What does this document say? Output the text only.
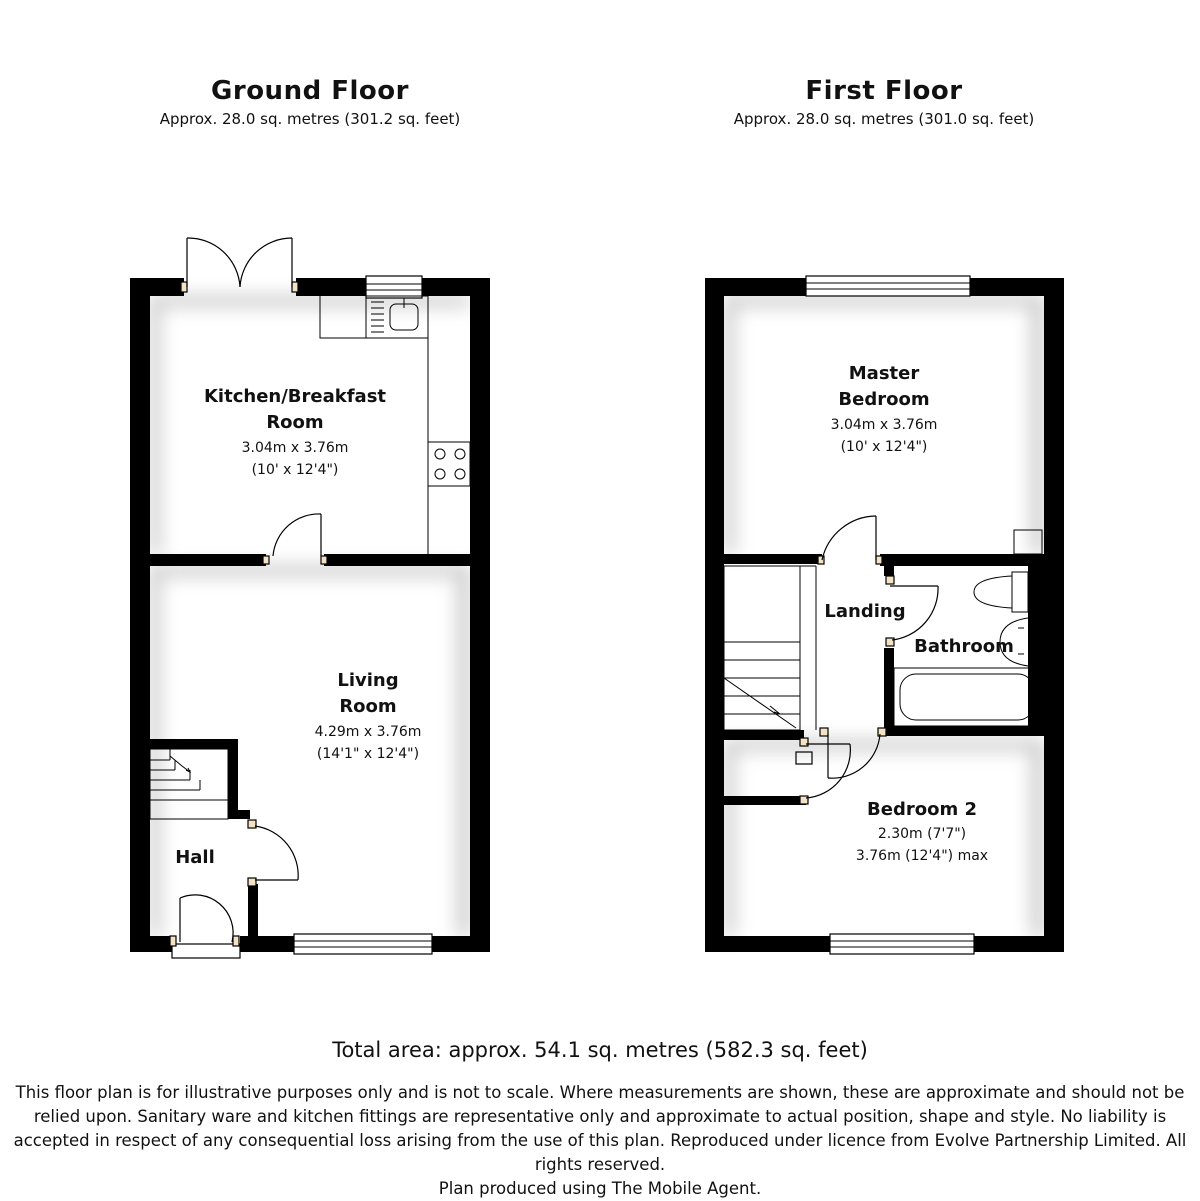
Ground Floor
Approx. 28.0 sq. metres (301.2 sq. feet)
First Floor
Approx. 28.0 sq. metres (301.0 sq. feet)
Kitchen/Breakfast
Room
3.04m x 3.76m
(10' x 12'4")
Living
Room
4.29m x 3.76m
(14'1" x 12'4")
Hall
Master
Bedroom
3.04m x 3.76m
(10' x 12'4")
Landing
Bathroom
Bedroom 2
2.30m (7'7")
3.76m (12'4") max
Total area: approx. 54.1 sq. metres (582.3 sq. feet)
This floor plan is for illustrative purposes only and is not to scale. Where measurements are shown, these are approximate and should not be relied upon. Sanitary ware and kitchen fittings are representative only and approximate to actual position, shape and style. No liability is accepted in respect of any consequential loss arising from the use of this plan. Reproduced under licence from Evolve Partnership Limited. All rights reserved.
Plan produced using The Mobile Agent.
